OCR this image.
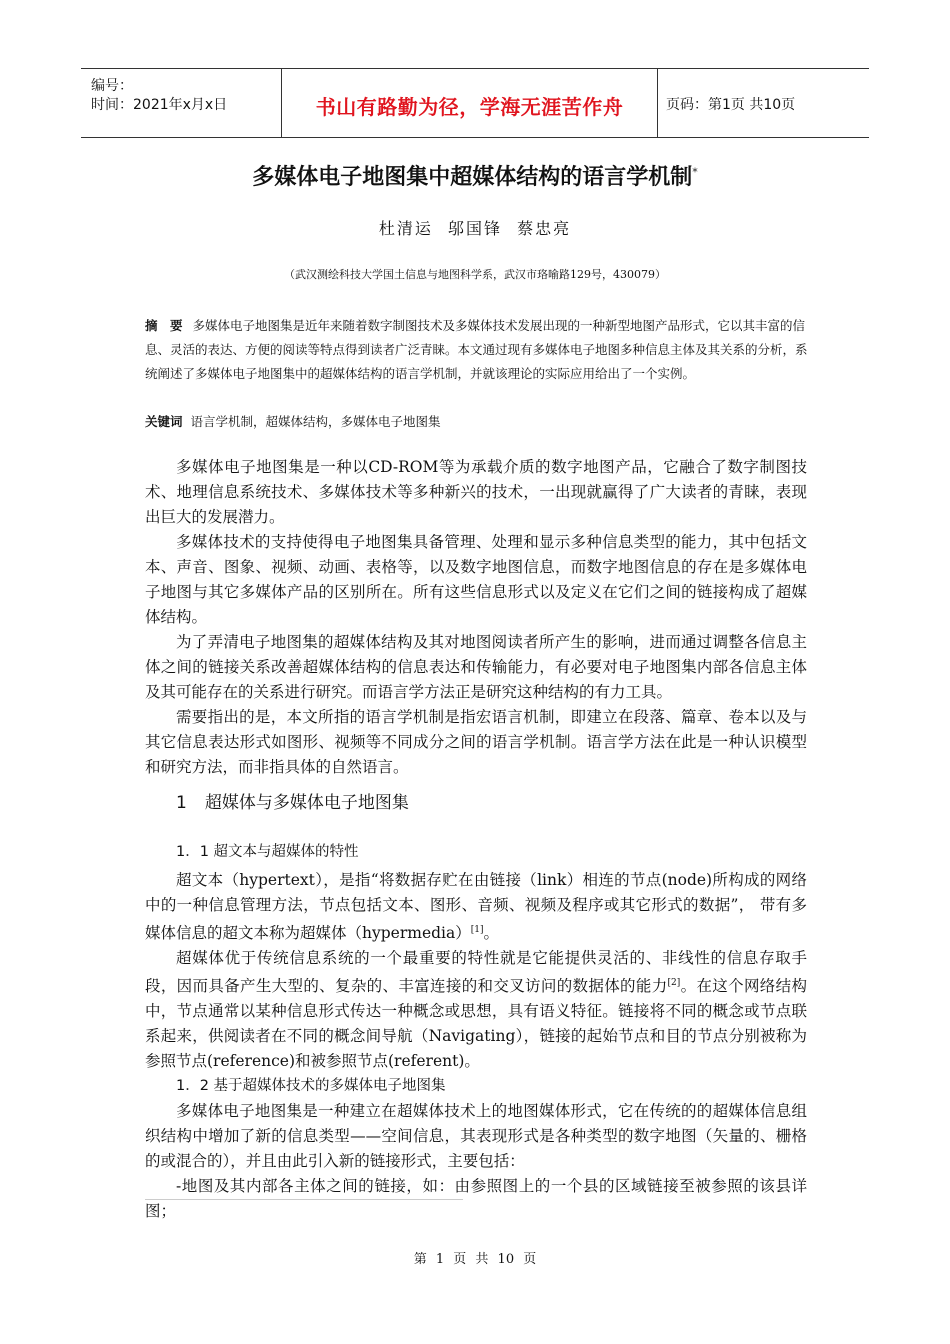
编号：
时间：2021年x月x日	书山有路勤为径，学海无涯苦作舟	页码：第1页 共10页
多媒体电子地图集中超媒体结构的语言学机制*
杜清运 邬国锋 蔡忠亮
（武汉测绘科技大学国土信息与地图科学系，武汉市珞喻路129号，430079）
摘　要 多媒体电子地图集是近年来随着数字制图技术及多媒体技术发展出现的一种新型地图产品形式，它以其丰富的信息、灵活的表达、方便的阅读等特点得到读者广泛青睐。本文通过现有多媒体电子地图多种信息主体及其关系的分析，系统阐述了多媒体电子地图集中的超媒体结构的语言学机制，并就该理论的实际应用给出了一个实例。
关键词 语言学机制，超媒体结构，多媒体电子地图集

多媒体电子地图集是一种以CD-ROM等为承载介质的数字地图产品，它融合了数字制图技术、地理信息系统技术、多媒体技术等多种新兴的技术，一出现就赢得了广大读者的青睐，表现出巨大的发展潜力。

多媒体技术的支持使得电子地图集具备管理、处理和显示多种信息类型的能力，其中包括文本、声音、图象、视频、动画、表格等，以及数字地图信息，而数字地图信息的存在是多媒体电子地图与其它多媒体产品的区别所在。所有这些信息形式以及定义在它们之间的链接构成了超媒体结构。

为了弄清电子地图集的超媒体结构及其对地图阅读者所产生的影响，进而通过调整各信息主体之间的链接关系改善超媒体结构的信息表达和传输能力，有必要对电子地图集内部各信息主体及其可能存在的关系进行研究。而语言学方法正是研究这种结构的有力工具。

需要指出的是，本文所指的语言学机制是指宏语言机制，即建立在段落、篇章、卷本以及与其它信息表达形式如图形、视频等不同成分之间的语言学机制。语言学方法在此是一种认识模型和研究方法，而非指具体的自然语言。

1 超媒体与多媒体电子地图集
1．1 超文本与超媒体的特性

超文本（hypertext），是指“将数据存贮在由链接（link）相连的节点(node)所构成的网络中的一种信息管理方法，节点包括文本、图形、音频、视频及程序或其它形式的数据”， 带有多媒体信息的超文本称为超媒体（hypermedia）[1]。

超媒体优于传统信息系统的一个最重要的特性就是它能提供灵活的、非线性的信息存取手段，因而具备产生大型的、复杂的、丰富连接的和交叉访问的数据体的能力[2]。在这个网络结构中，节点通常以某种信息形式传达一种概念或思想，具有语义特征。链接将不同的概念或节点联系起来，供阅读者在不同的概念间导航（Navigating），链接的起始节点和目的节点分别被称为参照节点(reference)和被参照节点(referent)。

1．2 基于超媒体技术的多媒体电子地图集

多媒体电子地图集是一种建立在超媒体技术上的地图媒体形式，它在传统的的超媒体信息组织结构中增加了新的信息类型——空间信息，其表现形式是各种类型的数字地图（矢量的、栅格的或混合的），并且由此引入新的链接形式，主要包括：

-地图及其内部各主体之间的链接，如：由参照图上的一个县的区域链接至被参照的该县详图；

第 1 页 共 10 页
